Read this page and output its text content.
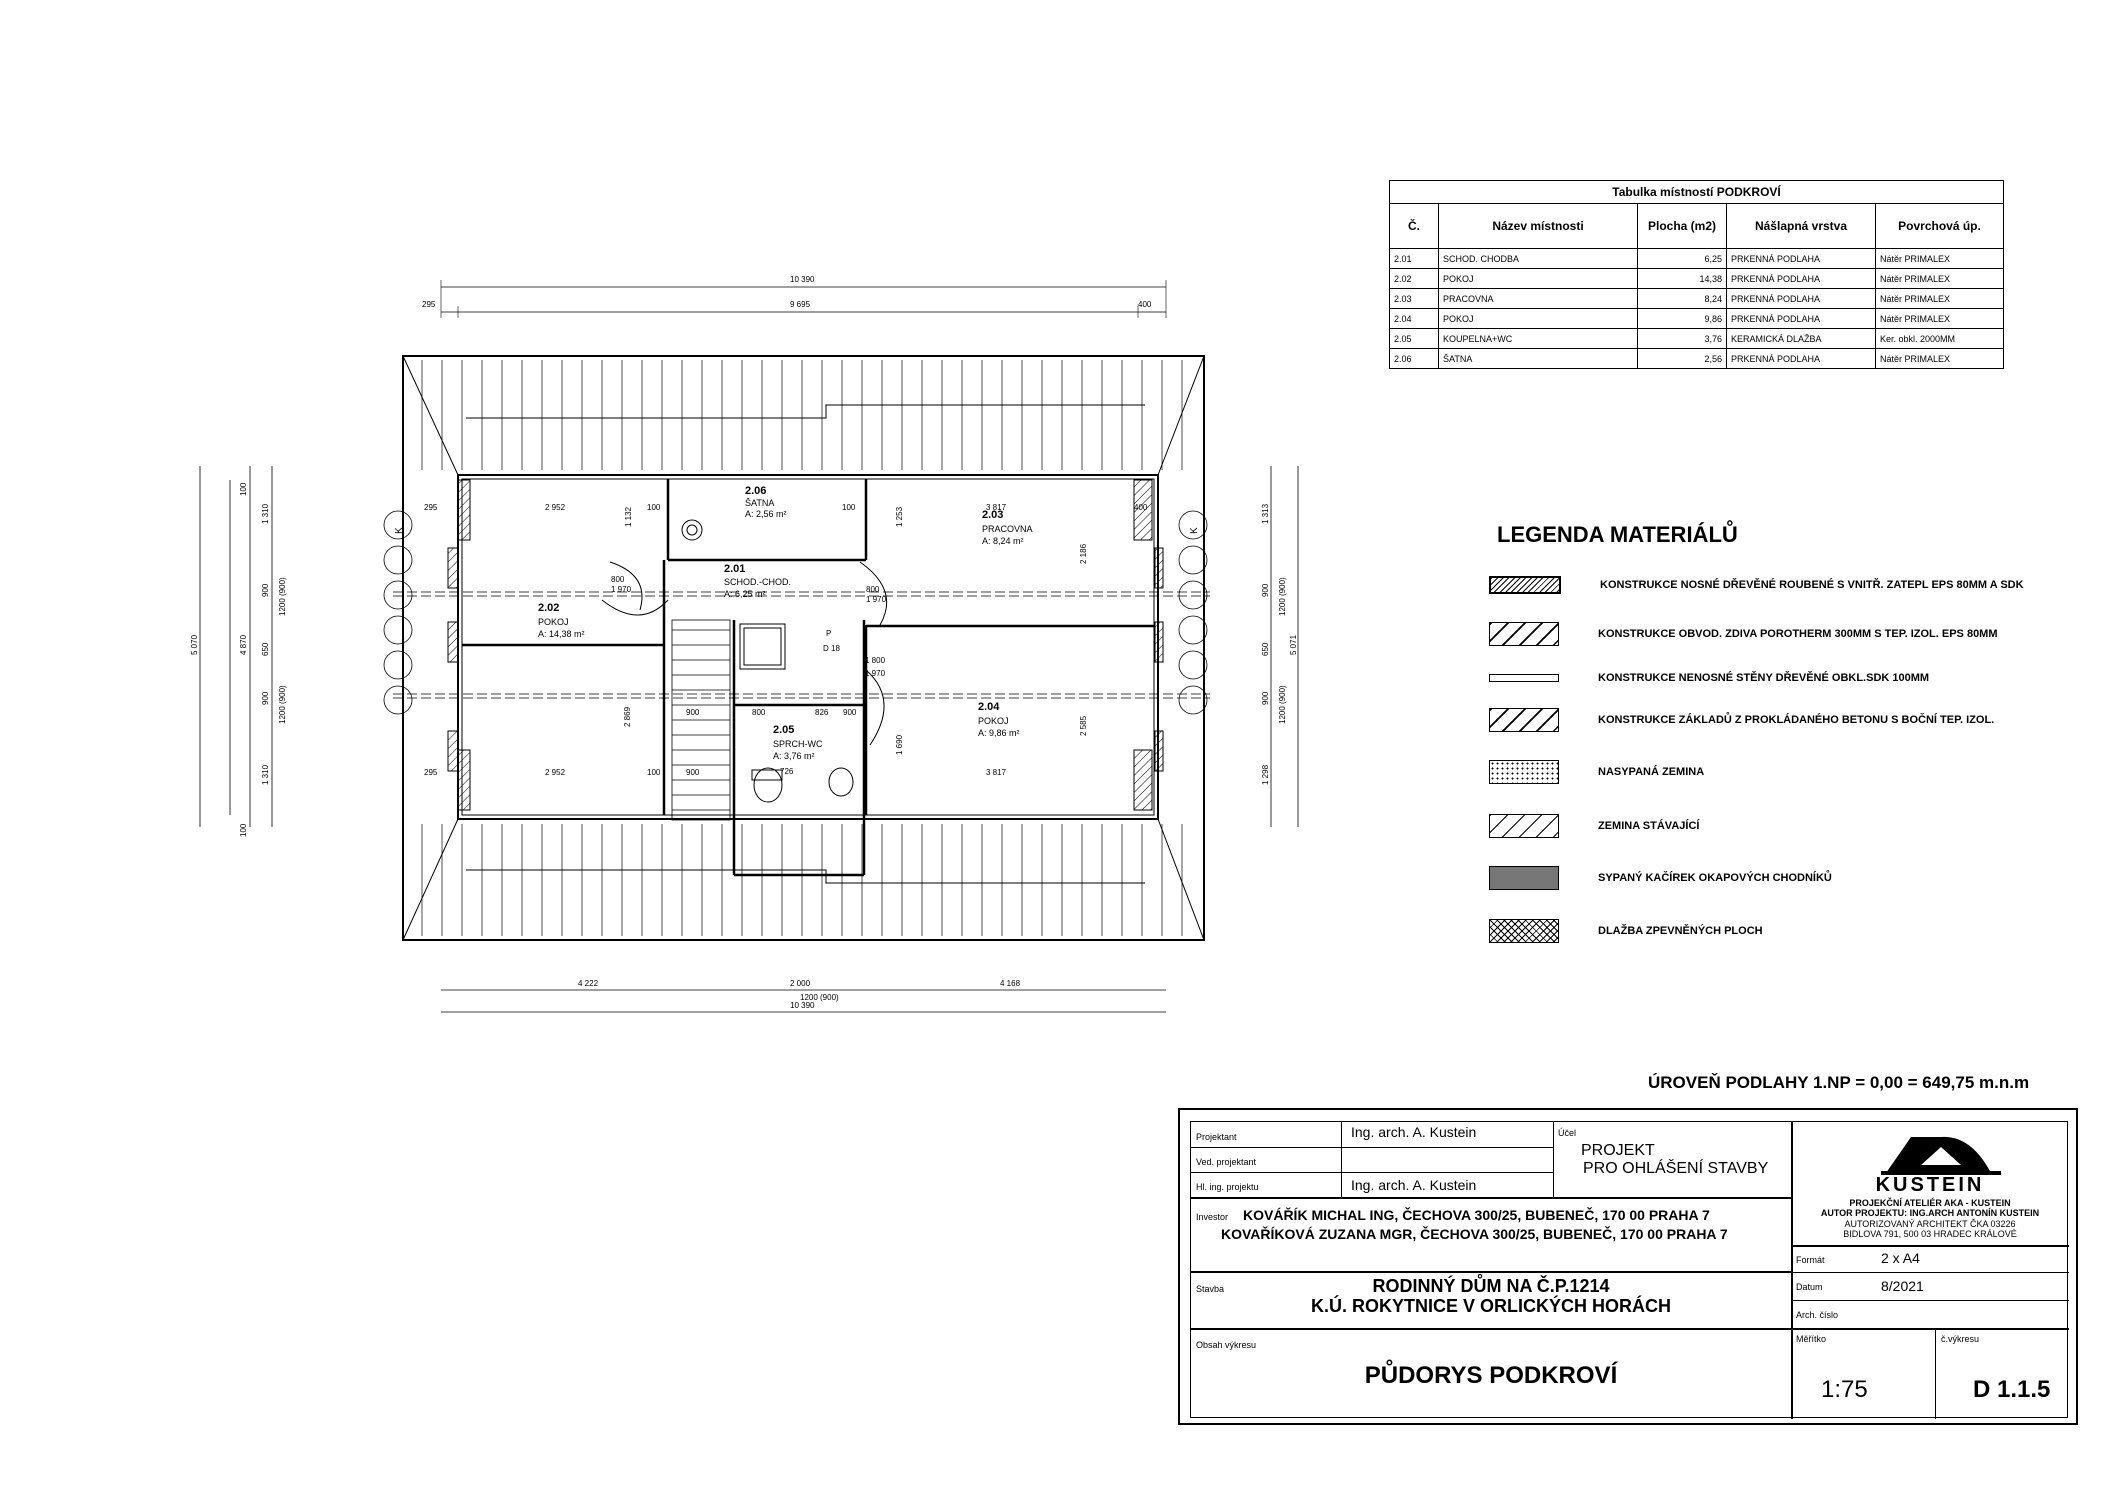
2.06
ŠATNA
A: 2,56 m²
2.01
SCHOD.-CHOD.
A: 6,25 m²
2.02
POKOJ
A: 14,38 m²
2.03
PRACOVNA
A: 8,24 m²
2.04
POKOJ
A: 9,86 m²
2.05
SPRCH-WC
A: 3,76 m²
10 390
295	9 695	400
4 222	2 000	4 168
10 390
1200 (900)
295	2 952	100	100	3 817	400
2 952	100	3 817
295
800
1 970	800
1 970
900	800	826 900
900
1 800
1 970
P
D 18
726
1 132
2 186
2 585
1 253
1 690
2 869
5 070	4 870
100
1 310
900 1200 (900)
650
900 1200 (900)
1 310
100
5 071
1 313
900 1200 (900)
650
900 1200 (900)
1 298
K	K
Tabulka místností PODKROVÍ				
Č.	Název místnosti	Plocha (m2)	Nášlapná vrstva	Povrchová úp.
2.01	SCHOD. CHODBA	6,25	PRKENNÁ PODLAHA	Nátěr PRIMALEX
2.02	POKOJ	14,38	PRKENNÁ PODLAHA	Nátěr PRIMALEX
2.03	PRACOVNA	8,24	PRKENNÁ PODLAHA	Nátěr PRIMALEX
2.04	POKOJ	9,86	PRKENNÁ PODLAHA	Nátěr PRIMALEX
2.05	KOUPELNA+WC	3,76	KERAMICKÁ DLAŽBA	Ker. obkl. 2000MM
2.06	ŠATNA	2,56	PRKENNÁ PODLAHA	Nátěr PRIMALEX
LEGENDA MATERIÁLŮ
KONSTRUKCE NOSNÉ DŘEVĚNÉ ROUBENÉ S VNITŘ. ZATEPL EPS 80MM A SDK
KONSTRUKCE OBVOD. ZDIVA POROTHERM 300MM S TEP. IZOL. EPS 80MM
KONSTRUKCE NENOSNÉ STĚNY DŘEVĚNÉ OBKL.SDK 100MM
KONSTRUKCE ZÁKLADŮ Z PROKLÁDANÉHO BETONU S BOČNÍ TEP. IZOL.
NASYPANÁ ZEMINA
ZEMINA STÁVAJÍCÍ
SYPANÝ KAČÍREK OKAPOVÝCH CHODNÍKŮ
DLAŽBA ZPEVNĚNÝCH PLOCH
ÚROVEŇ PODLAHY 1.NP = 0,00 = 649,75 m.n.m
Projektant	Ing. arch. A. Kustein
Ved. projektant
Hl. ing. projektu	Ing. arch. A. Kustein
Účel
PROJEKT
PRO OHLÁŠENÍ STAVBY
Investor KOVÁŘÍK MICHAL ING, ČECHOVA 300/25, BUBENEČ, 170 00 PRAHA 7
KOVAŘÍKOVÁ ZUZANA MGR, ČECHOVA 300/25, BUBENEČ, 170 00 PRAHA 7
Stavba	RODINNÝ DŮM NA Č.P.1214
K.Ú. ROKYTNICE V ORLICKÝCH HORÁCH
Obsah výkresu
PŮDORYS PODKROVÍ
KUSTEIN
PROJEKČNÍ ATELIÉR AKA - KUSTEIN
AUTOR PROJEKTU: ING.ARCH ANTONÍN KUSTEIN
AUTORIZOVANÝ ARCHITEKT ČKA 03226
BIDLOVA 791, 500 03 HRADEC KRÁLOVÉ
Formát	2 x A4
Datum	8/2021
Arch. číslo
Měřítko
1:75
č.výkresu
D 1.1.5
